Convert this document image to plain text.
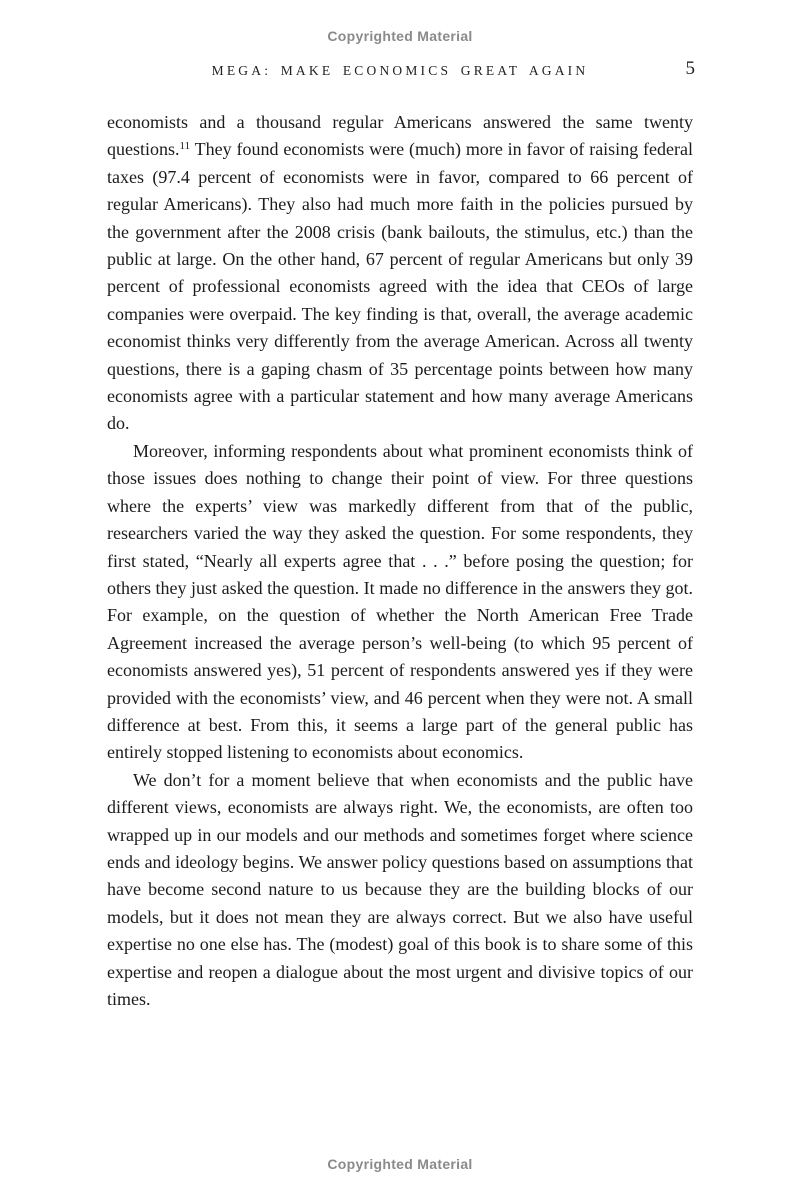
Copyrighted Material
MEGA: MAKE ECONOMICS GREAT AGAIN	5

economists and a thousand regular Americans answered the same twenty questions.$^{11}$ They found economists were (much) more in favor of raising federal taxes (97.4 percent of economists were in favor, compared to 66 percent of regular Americans). They also had much more faith in the policies pursued by the government after the 2008 crisis (bank bailouts, the stimulus, etc.) than the public at large. On the other hand, 67 percent of regular Americans but only 39 percent of professional economists agreed with the idea that CEOs of large companies were overpaid. The key finding is that, overall, the average academic economist thinks very differently from the average American. Across all twenty questions, there is a gaping chasm of 35 percentage points between how many economists agree with a particular statement and how many average Americans do.

Moreover, informing respondents about what prominent economists think of those issues does nothing to change their point of view. For three questions where the experts’ view was markedly different from that of the public, researchers varied the way they asked the question. For some respondents, they first stated, “Nearly all experts agree that . . .” before posing the question; for others they just asked the question. It made no difference in the answers they got. For example, on the question of whether the North American Free Trade Agreement increased the average person’s well-being (to which 95 percent of economists answered yes), 51 percent of respondents answered yes if they were provided with the economists’ view, and 46 percent when they were not. A small difference at best. From this, it seems a large part of the general public has entirely stopped listening to economists about economics.

We don’t for a moment believe that when economists and the public have different views, economists are always right. We, the economists, are often too wrapped up in our models and our methods and sometimes forget where science ends and ideology begins. We answer policy questions based on assumptions that have become second nature to us because they are the building blocks of our models, but it does not mean they are always correct. But we also have useful expertise no one else has. The (modest) goal of this book is to share some of this expertise and reopen a dialogue about the most urgent and divisive topics of our times.

Copyrighted Material
